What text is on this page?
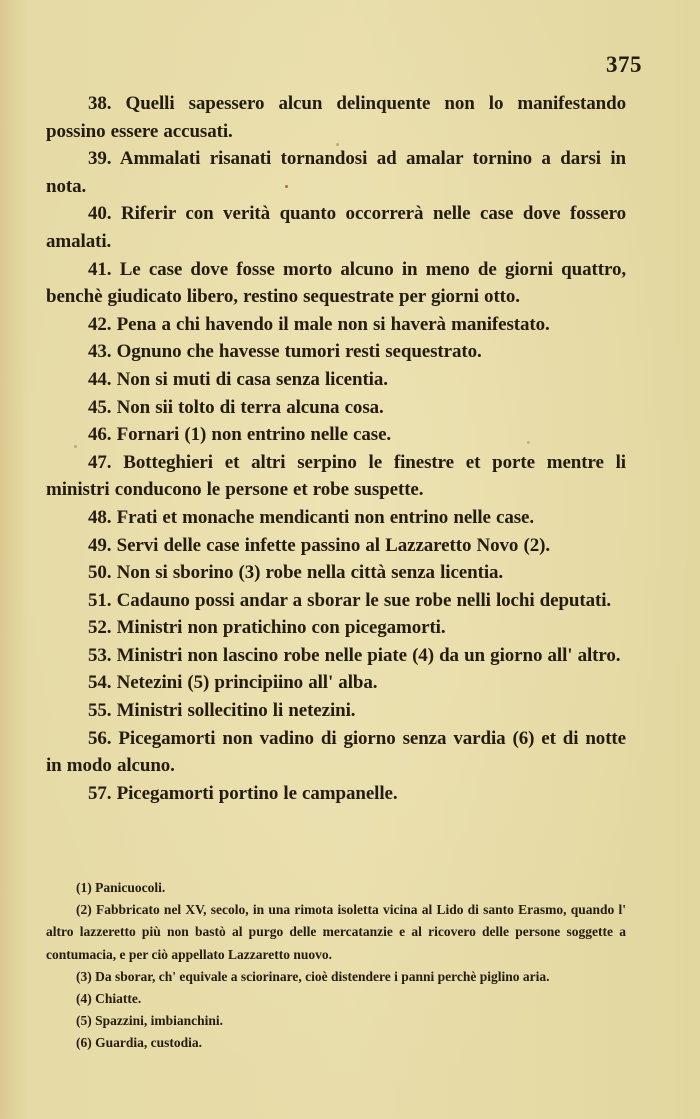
375

38. Quelli sapessero alcun delinquente non lo manifestando possino essere accusati.

39. Ammalati risanati tornandosi ad amalar tornino a darsi in nota.

40. Riferir con verità quanto occorrerà nelle case dove fossero amalati.

41. Le case dove fosse morto alcuno in meno de giorni quattro, benchè giudicato libero, restino sequestrate per giorni otto.

42. Pena a chi havendo il male non si haverà manifestato.

43. Ognuno che havesse tumori resti sequestrato.

44. Non si muti di casa senza licentia.

45. Non sii tolto di terra alcuna cosa.

46. Fornari (1) non entrino nelle case.

47. Botteghieri et altri serpino le finestre et porte mentre li ministri conducono le persone et robe suspette.

48. Frati et monache mendicanti non entrino nelle case.

49. Servi delle case infette passino al Lazzaretto Novo (2).

50. Non si sborino (3) robe nella città senza licentia.

51. Cadauno possi andar a sborar le sue robe nelli lochi deputati.

52. Ministri non pratichino con picegamorti.

53. Ministri non lascino robe nelle piate (4) da un giorno all' altro.

54. Netezini (5) principiino all' alba.

55. Ministri sollecitino li netezini.

56. Picegamorti non vadino di giorno senza vardia (6) et di notte in modo alcuno.

57. Picegamorti portino le campanelle.

(1) Panicuocoli.

(2) Fabbricato nel XV, secolo, in una rimota isoletta vicina al Lido di santo Erasmo, quando l' altro lazzeretto più non bastò al purgo delle mercatanzie e al ricovero delle persone soggette a contumacia, e per ciò appellato Lazzaretto nuovo.

(3) Da sborar, ch' equivale a sciorinare, cioè distendere i panni perchè piglino aria.

(4) Chiatte.

(5) Spazzini, imbianchini.

(6) Guardia, custodia.
